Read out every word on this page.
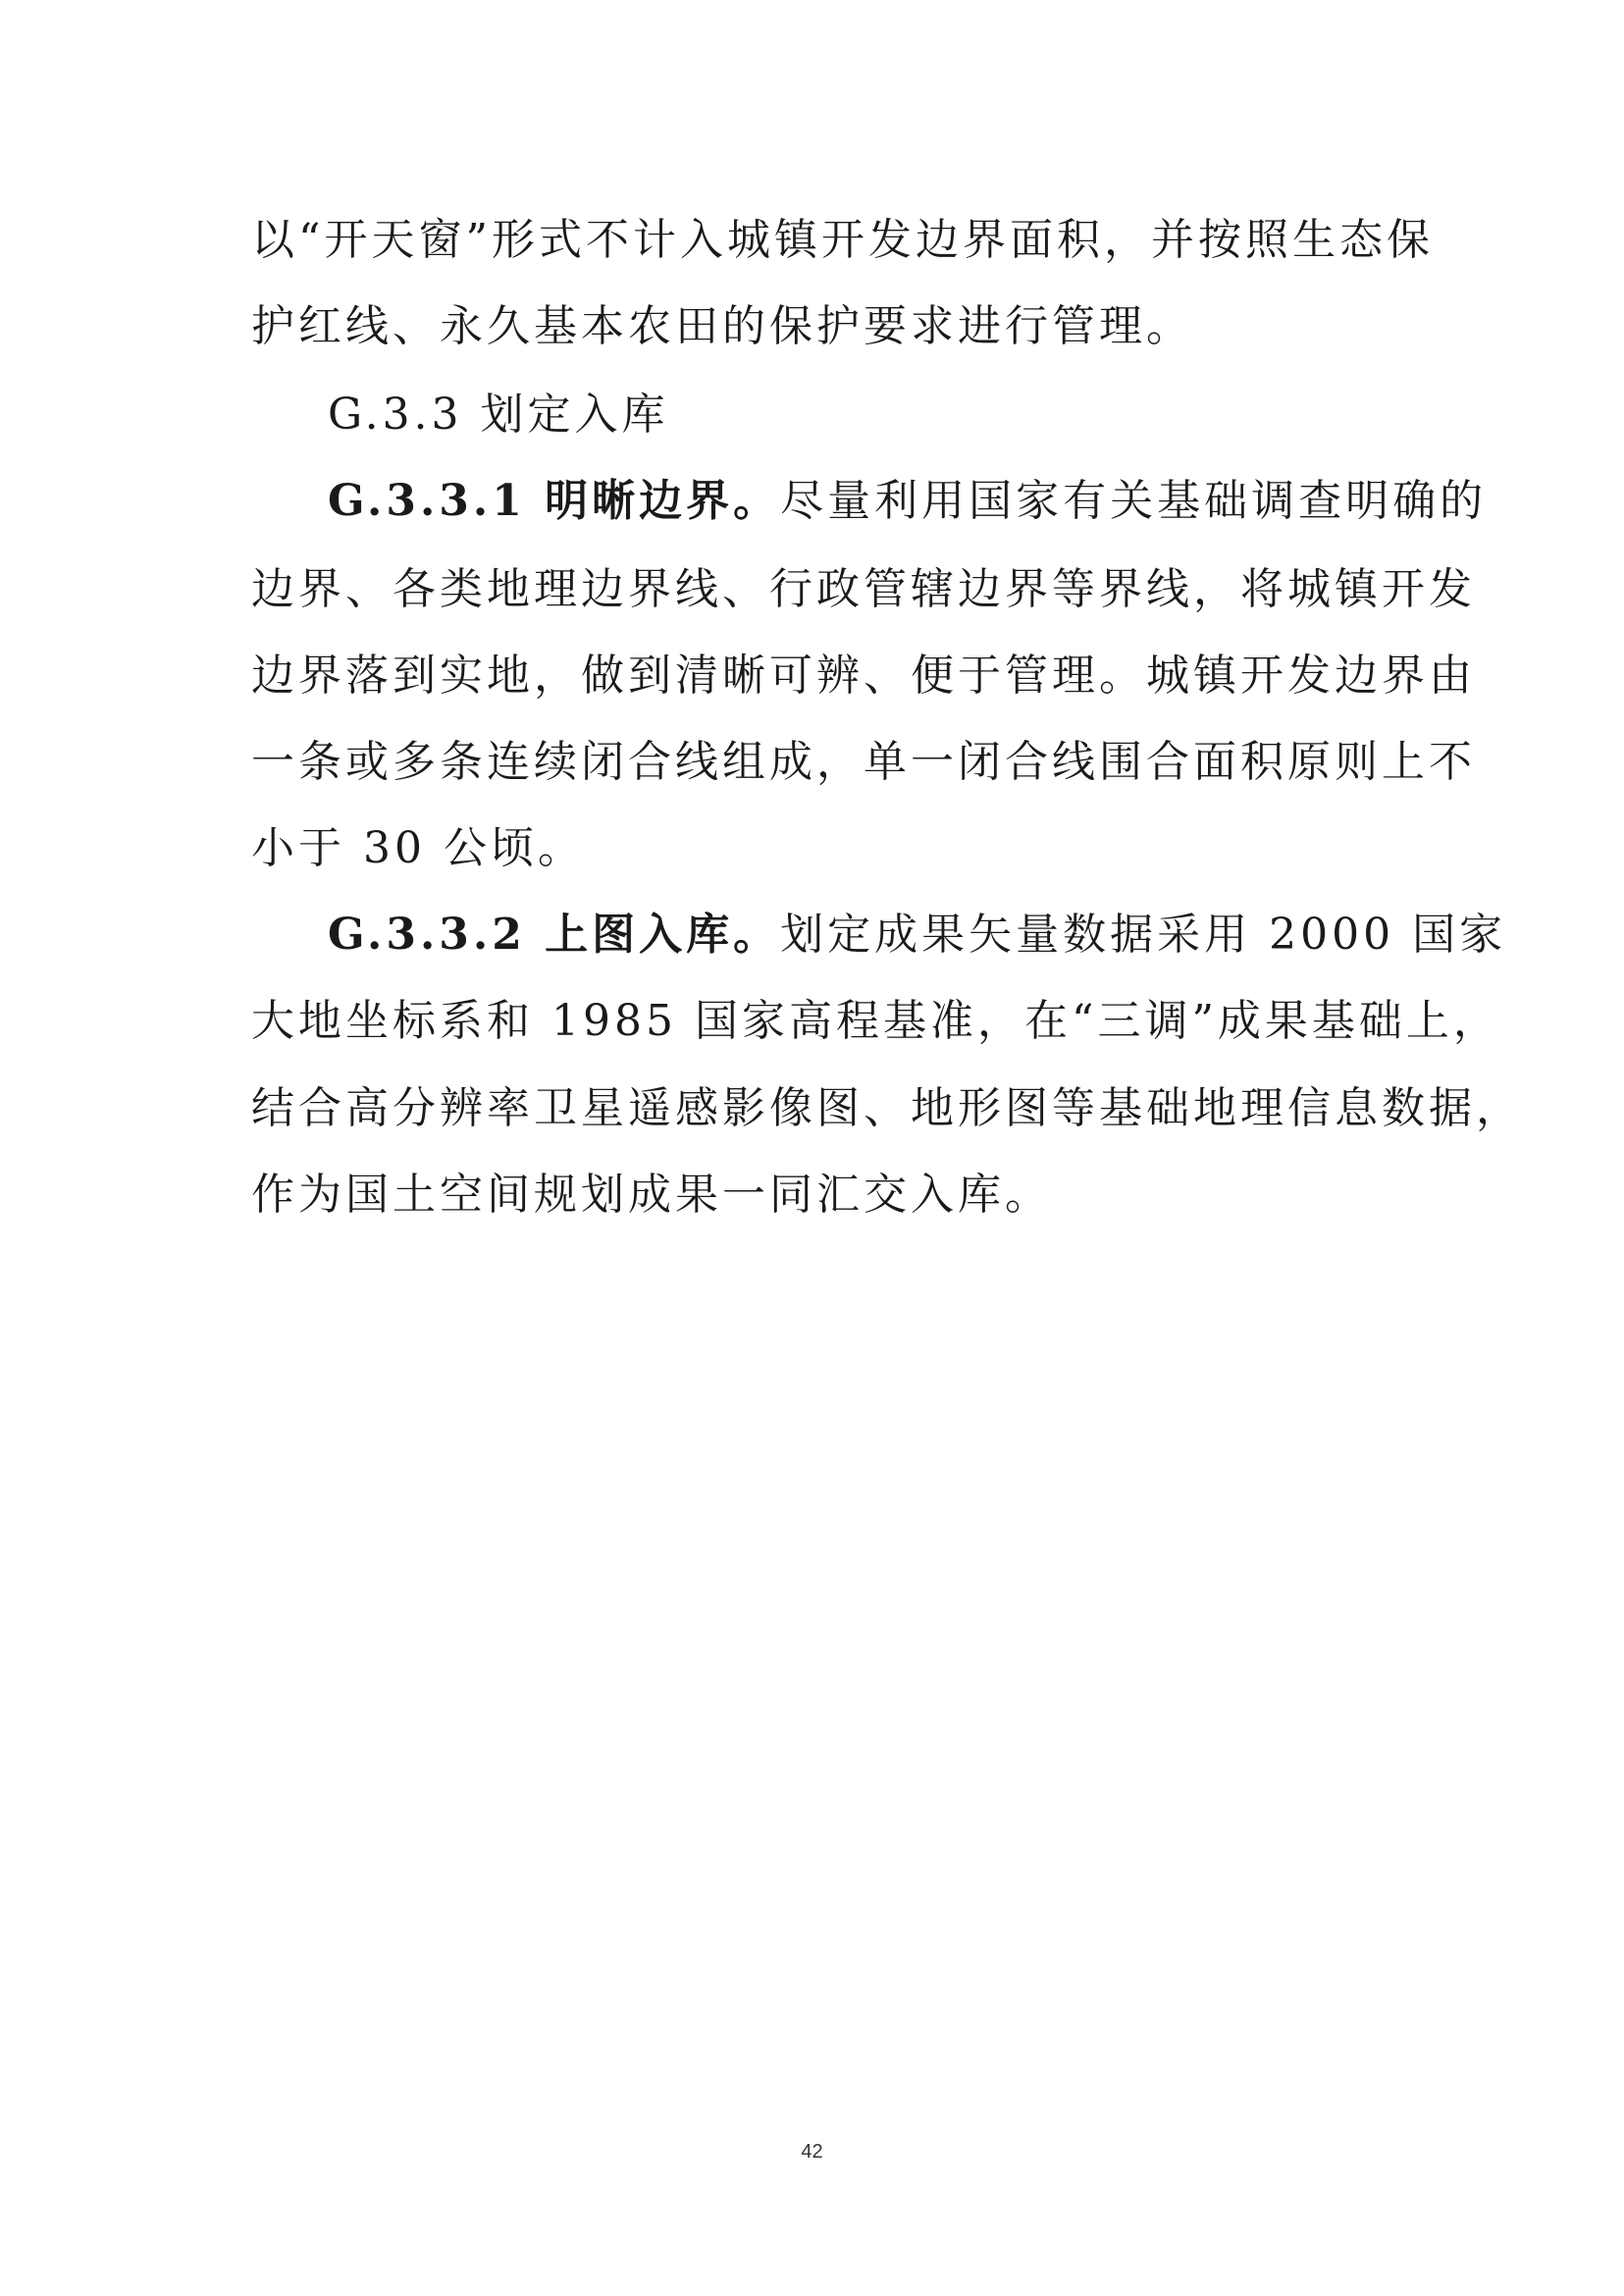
以“开天窗”形式不计入城镇开发边界面积，并按照生态保
护红线、永久基本农田的保护要求进行管理。
G.3.3 划定入库
G.3.3.1 明晰边界。尽量利用国家有关基础调查明确的
边界、各类地理边界线、行政管辖边界等界线，将城镇开发
边界落到实地，做到清晰可辨、便于管理。城镇开发边界由
一条或多条连续闭合线组成，单一闭合线围合面积原则上不
小于 30 公顷。
G.3.3.2 上图入库。划定成果矢量数据采用 2000 国家
大地坐标系和 1985 国家高程基准，在“三调”成果基础上，
结合高分辨率卫星遥感影像图、地形图等基础地理信息数据，
作为国土空间规划成果一同汇交入库。
42
